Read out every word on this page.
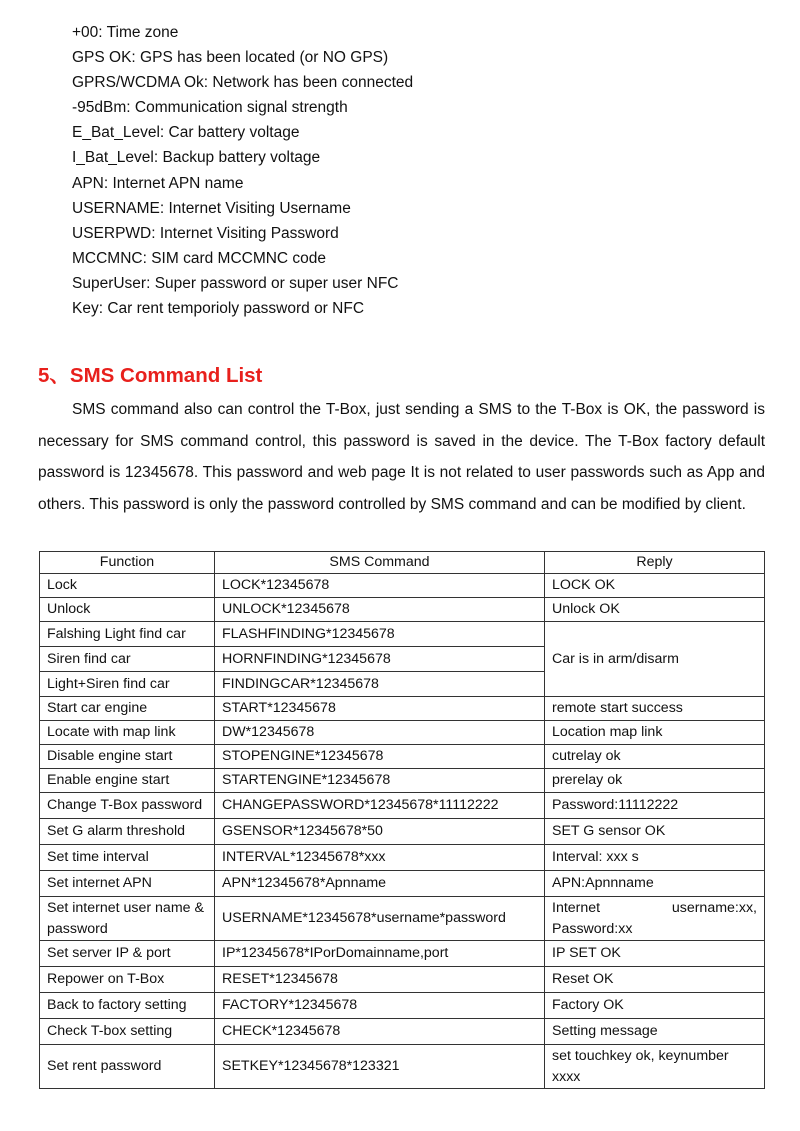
+00: Time zone
GPS OK: GPS has been located (or NO GPS)
GPRS/WCDMA Ok: Network has been connected
-95dBm: Communication signal strength
E_Bat_Level: Car battery voltage
I_Bat_Level: Backup battery voltage
APN: Internet APN name
USERNAME: Internet Visiting Username
USERPWD: Internet Visiting Password
MCCMNC: SIM card MCCMNC code
SuperUser: Super password or super user NFC
Key: Car rent temporioly password or NFC
5、SMS Command List

SMS command also can control the T-Box, just sending a SMS to the T-Box is OK, the password is necessary for SMS command control, this password is saved in the device. The T-Box factory default password is 12345678. This password and web page It is not related to user passwords such as App and others. This password is only the password controlled by SMS command and can be modified by client.

Function	SMS Command	Reply
Lock	LOCK*12345678	LOCK OK
Unlock	UNLOCK*12345678	Unlock OK
Falshing Light find car	FLASHFINDING*12345678	Car is in arm/disarm
Siren find car	HORNFINDING*12345678	
Light+Siren find car	FINDINGCAR*12345678	
Start car engine	START*12345678	remote start success
Locate with map link	DW*12345678	Location map link
Disable engine start	STOPENGINE*12345678	cutrelay ok
Enable engine start	STARTENGINE*12345678	prerelay ok
Change T-Box password	CHANGEPASSWORD*12345678*11112222	Password:11112222
Set G alarm threshold	GSENSOR*12345678*50	SET G sensor OK
Set time interval	INTERVAL*12345678*xxx	Interval: xxx s
Set internet APN	APN*12345678*Apnname	APN:Apnnname
Set internet user name & password	USERNAME*12345678*username*password	Internet username:xx, Password:xx
Set server IP & port	IP*12345678*IPorDomainname,port	IP SET OK
Repower on T-Box	RESET*12345678	Reset OK
Back to factory setting	FACTORY*12345678	Factory OK
Check T-box setting	CHECK*12345678	Setting message
Set rent password	SETKEY*12345678*123321	set touchkey ok, keynumber xxxx
